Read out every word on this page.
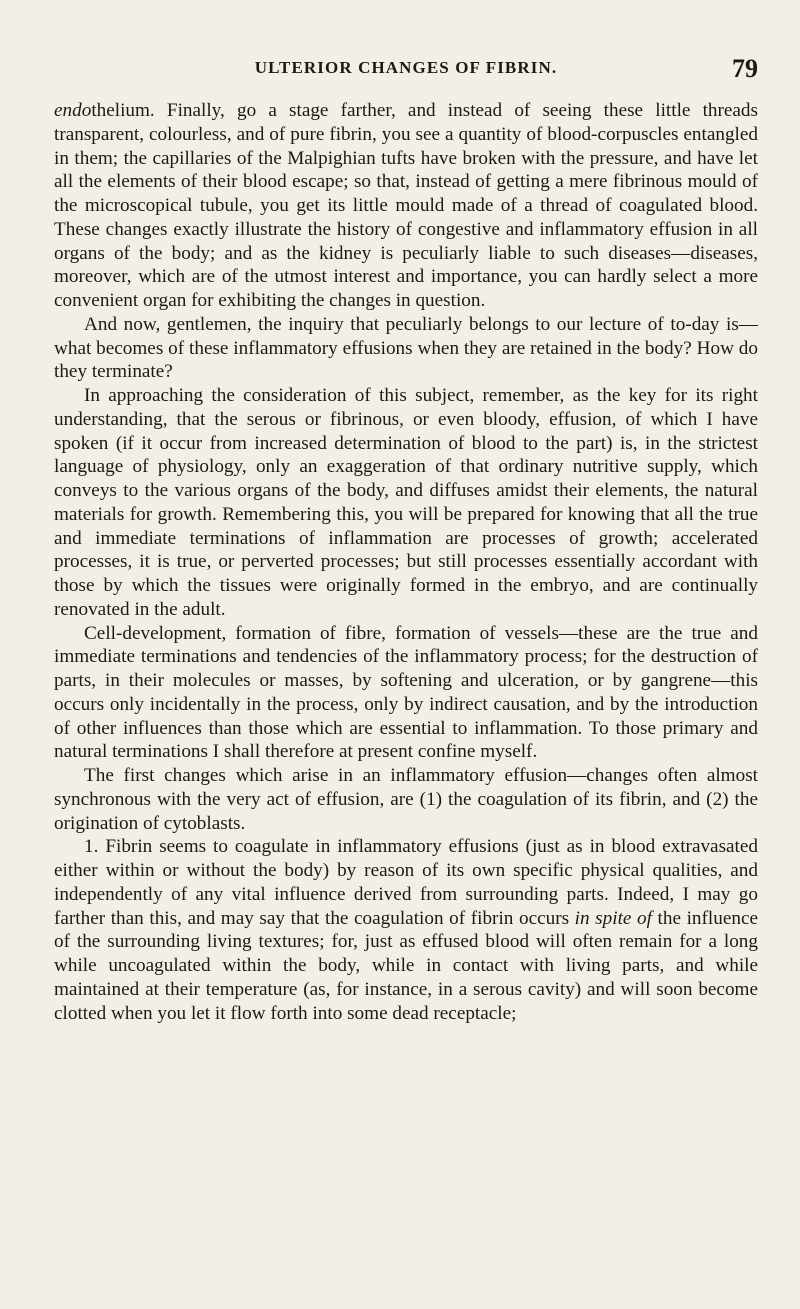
ULTERIOR CHANGES OF FIBRIN.	79

endothelium. Finally, go a stage farther, and instead of seeing these little threads transparent, colourless, and of pure fibrin, you see a quantity of blood-corpuscles entangled in them; the capillaries of the Malpighian tufts have broken with the pressure, and have let all the elements of their blood escape; so that, instead of getting a mere fibrinous mould of the microscopical tubule, you get its little mould made of a thread of coagulated blood. These changes exactly illustrate the history of congestive and inflammatory effusion in all organs of the body; and as the kidney is peculiarly liable to such diseases—diseases, moreover, which are of the utmost interest and importance, you can hardly select a more convenient organ for exhibiting the changes in question.

And now, gentlemen, the inquiry that peculiarly belongs to our lecture of to-day is—what becomes of these inflammatory effusions when they are retained in the body? How do they terminate?

In approaching the consideration of this subject, remember, as the key for its right understanding, that the serous or fibrinous, or even bloody, effusion, of which I have spoken (if it occur from increased determination of blood to the part) is, in the strictest language of physiology, only an exaggeration of that ordinary nutritive supply, which conveys to the various organs of the body, and diffuses amidst their elements, the natural materials for growth. Remembering this, you will be prepared for knowing that all the true and immediate terminations of inflammation are processes of growth; accelerated processes, it is true, or perverted processes; but still processes essentially accordant with those by which the tissues were originally formed in the embryo, and are continually renovated in the adult.

Cell-development, formation of fibre, formation of vessels—these are the true and immediate terminations and tendencies of the inflammatory process; for the destruction of parts, in their molecules or masses, by softening and ulceration, or by gangrene—this occurs only incidentally in the process, only by indirect causation, and by the introduction of other influences than those which are essential to inflammation. To those primary and natural terminations I shall therefore at present confine myself.

The first changes which arise in an inflammatory effusion—changes often almost synchronous with the very act of effusion, are (1) the coagulation of its fibrin, and (2) the origination of cytoblasts.

1. Fibrin seems to coagulate in inflammatory effusions (just as in blood extravasated either within or without the body) by reason of its own specific physical qualities, and independently of any vital influence derived from surrounding parts. Indeed, I may go farther than this, and may say that the coagulation of fibrin occurs in spite of the influence of the surrounding living textures; for, just as effused blood will often remain for a long while uncoagulated within the body, while in contact with living parts, and while maintained at their temperature (as, for instance, in a serous cavity) and will soon become clotted when you let it flow forth into some dead receptacle;
